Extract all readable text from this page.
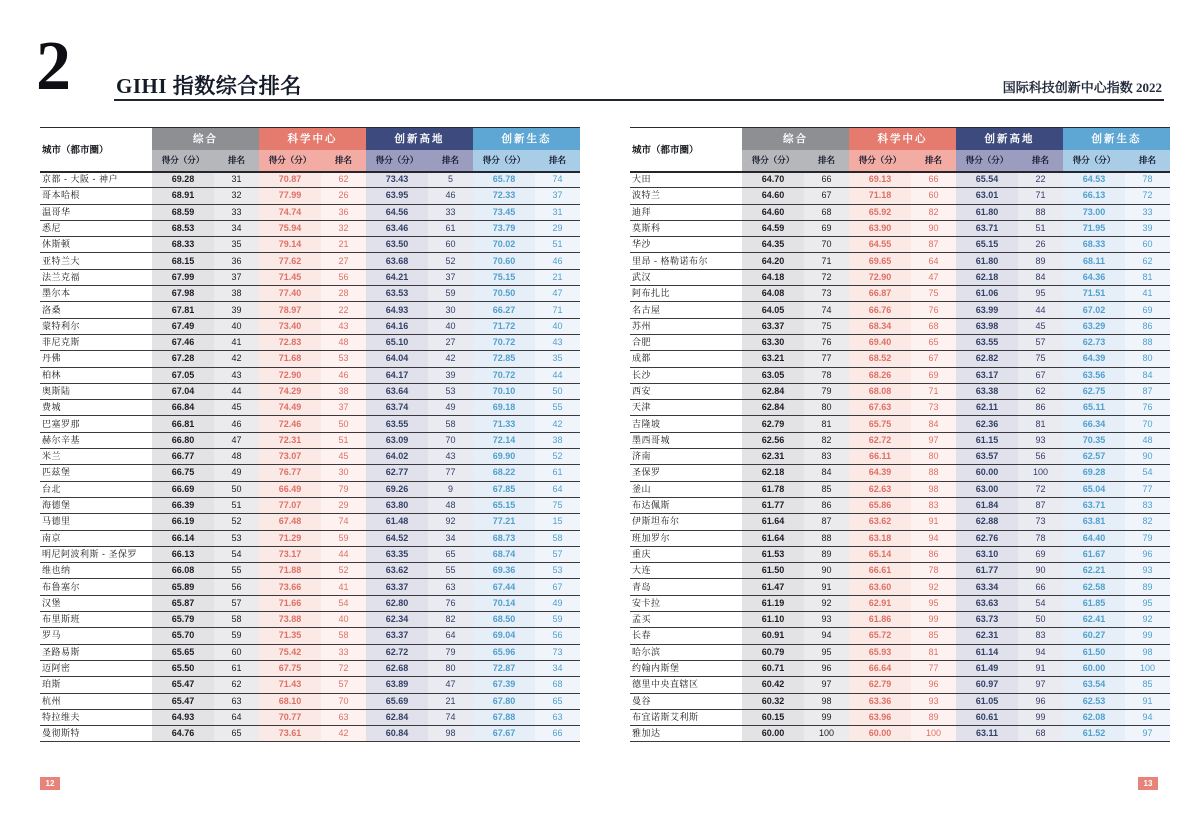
2 GIHI 指数综合排名	国际科技创新中心指数 2022
城市（都市圈）	综合		科学中心		创新高地		创新生态	
	得分（分）	排名	得分（分）	排名	得分（分）	排名	得分（分）	排名
京都 - 大阪 - 神户	69.28	31	70.87	62	73.43	5	65.78	74
哥本哈根	68.91	32	77.99	26	63.95	46	72.33	37
温哥华	68.59	33	74.74	36	64.56	33	73.45	31
悉尼	68.53	34	75.94	32	63.46	61	73.79	29
休斯顿	68.33	35	79.14	21	63.50	60	70.02	51
亚特兰大	68.15	36	77.62	27	63.68	52	70.60	46
法兰克福	67.99	37	71.45	56	64.21	37	75.15	21
墨尔本	67.98	38	77.40	28	63.53	59	70.50	47
洛桑	67.81	39	78.97	22	64.93	30	66.27	71
蒙特利尔	67.49	40	73.40	43	64.16	40	71.72	40
菲尼克斯	67.46	41	72.83	48	65.10	27	70.72	43
丹佛	67.28	42	71.68	53	64.04	42	72.85	35
柏林	67.05	43	72.90	46	64.17	39	70.72	44
奥斯陆	67.04	44	74.29	38	63.64	53	70.10	50
费城	66.84	45	74.49	37	63.74	49	69.18	55
巴塞罗那	66.81	46	72.46	50	63.55	58	71.33	42
赫尔辛基	66.80	47	72.31	51	63.09	70	72.14	38
米兰	66.77	48	73.07	45	64.02	43	69.90	52
匹兹堡	66.75	49	76.77	30	62.77	77	68.22	61
台北	66.69	50	66.49	79	69.26	9	67.85	64
海德堡	66.39	51	77.07	29	63.80	48	65.15	75
马德里	66.19	52	67.48	74	61.48	92	77.21	15
南京	66.14	53	71.29	59	64.52	34	68.73	58
明尼阿波利斯 - 圣保罗	66.13	54	73.17	44	63.35	65	68.74	57
维也纳	66.08	55	71.88	52	63.62	55	69.36	53
布鲁塞尔	65.89	56	73.66	41	63.37	63	67.44	67
汉堡	65.87	57	71.66	54	62.80	76	70.14	49
布里斯班	65.79	58	73.88	40	62.34	82	68.50	59
罗马	65.70	59	71.35	58	63.37	64	69.04	56
圣路易斯	65.65	60	75.42	33	62.72	79	65.96	73
迈阿密	65.50	61	67.75	72	62.68	80	72.87	34
珀斯	65.47	62	71.43	57	63.89	47	67.39	68
杭州	65.47	63	68.10	70	65.69	21	67.80	65
特拉维夫	64.93	64	70.77	63	62.84	74	67.88	63
曼彻斯特	64.76	65	73.61	42	60.84	98	67.67	66
城市（都市圈）	综合		科学中心		创新高地		创新生态	
	得分（分）	排名	得分（分）	排名	得分（分）	排名	得分（分）	排名
大田	64.70	66	69.13	66	65.54	22	64.53	78
波特兰	64.60	67	71.18	60	63.01	71	66.13	72
迪拜	64.60	68	65.92	82	61.80	88	73.00	33
莫斯科	64.59	69	63.90	90	63.71	51	71.95	39
华沙	64.35	70	64.55	87	65.15	26	68.33	60
里昂 - 格勒诺布尔	64.20	71	69.65	64	61.80	89	68.11	62
武汉	64.18	72	72.90	47	62.18	84	64.36	81
阿布扎比	64.08	73	66.87	75	61.06	95	71.51	41
名古屋	64.05	74	66.76	76	63.99	44	67.02	69
苏州	63.37	75	68.34	68	63.98	45	63.29	86
合肥	63.30	76	69.40	65	63.55	57	62.73	88
成都	63.21	77	68.52	67	62.82	75	64.39	80
长沙	63.05	78	68.26	69	63.17	67	63.56	84
西安	62.84	79	68.08	71	63.38	62	62.75	87
天津	62.84	80	67.63	73	62.11	86	65.11	76
吉隆坡	62.79	81	65.75	84	62.36	81	66.34	70
墨西哥城	62.56	82	62.72	97	61.15	93	70.35	48
济南	62.31	83	66.11	80	63.57	56	62.57	90
圣保罗	62.18	84	64.39	88	60.00	100	69.28	54
釜山	61.78	85	62.63	98	63.00	72	65.04	77
布达佩斯	61.77	86	65.86	83	61.84	87	63.71	83
伊斯坦布尔	61.64	87	63.62	91	62.88	73	63.81	82
班加罗尔	61.64	88	63.18	94	62.76	78	64.40	79
重庆	61.53	89	65.14	86	63.10	69	61.67	96
大连	61.50	90	66.61	78	61.77	90	62.21	93
青岛	61.47	91	63.60	92	63.34	66	62.58	89
安卡拉	61.19	92	62.91	95	63.63	54	61.85	95
孟买	61.10	93	61.86	99	63.73	50	62.41	92
长春	60.91	94	65.72	85	62.31	83	60.27	99
哈尔滨	60.79	95	65.93	81	61.14	94	61.50	98
约翰内斯堡	60.71	96	66.64	77	61.49	91	60.00	100
德里中央直辖区	60.42	97	62.79	96	60.97	97	63.54	85
曼谷	60.32	98	63.36	93	61.05	96	62.53	91
布宜诺斯艾利斯	60.15	99	63.96	89	60.61	99	62.08	94
雅加达	60.00	100	60.00	100	63.11	68	61.52	97
12	13
